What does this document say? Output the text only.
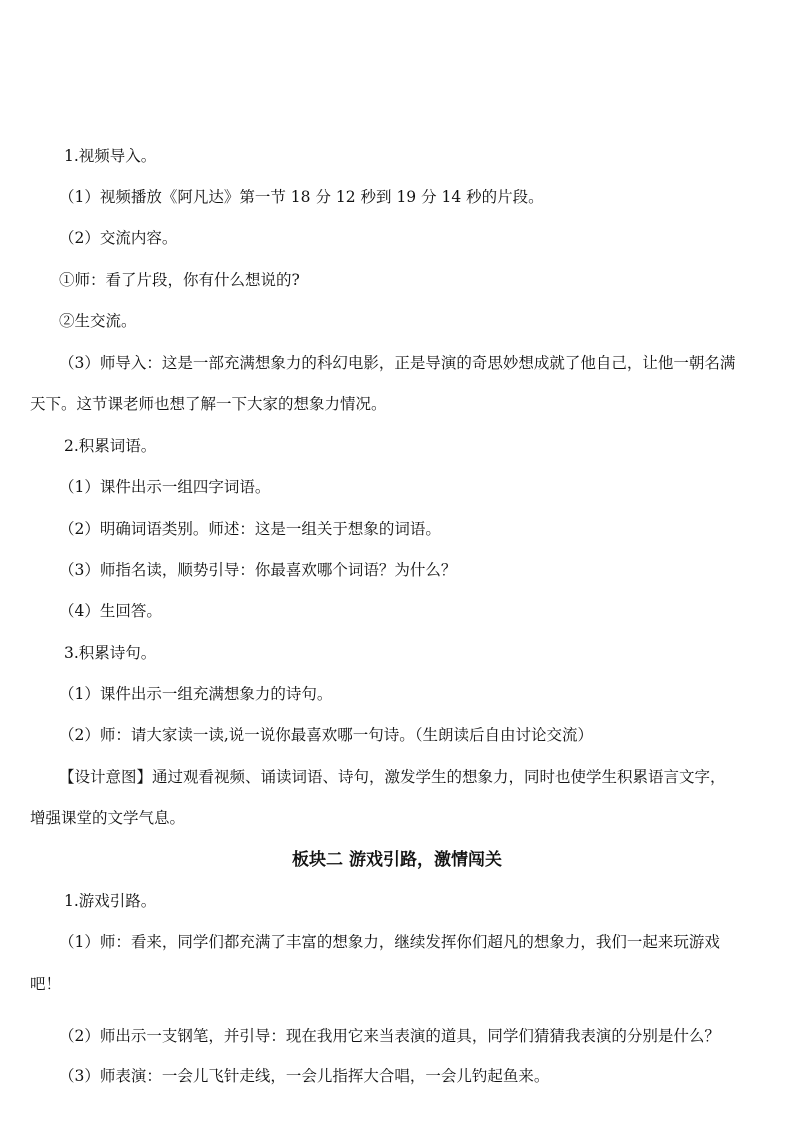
1.视频导入。
（1）视频播放《阿凡达》第一节 18 分 12 秒到 19 分 14 秒的片段。
（2）交流内容。
①师：看了片段，你有什么想说的?
②生交流。
（3）师导入：这是一部充满想象力的科幻电影，正是导演的奇思妙想成就了他自己，让他一朝名满
天下。这节课老师也想了解一下大家的想象力情况。
2.积累词语。
（1）课件出示一组四字词语。
（2）明确词语类别。师述：这是一组关于想象的词语。
（3）师指名读，顺势引导：你最喜欢哪个词语？为什么？
（4）生回答。
3.积累诗句。
（1）课件出示一组充满想象力的诗句。
（2）师：请大家读一读,说一说你最喜欢哪一句诗。（生朗读后自由讨论交流）
【设计意图】通过观看视频、诵读词语、诗句，激发学生的想象力，同时也使学生积累语言文字，
增强课堂的文学气息。
板块二 游戏引路，激情闯关
1.游戏引路。
（1）师：看来，同学们都充满了丰富的想象力，继续发挥你们超凡的想象力，我们一起来玩游戏
吧！
（2）师出示一支钢笔，并引导：现在我用它来当表演的道具，同学们猜猜我表演的分别是什么？
（3）师表演：一会儿飞针走线，一会儿指挥大合唱，一会儿钓起鱼来。
